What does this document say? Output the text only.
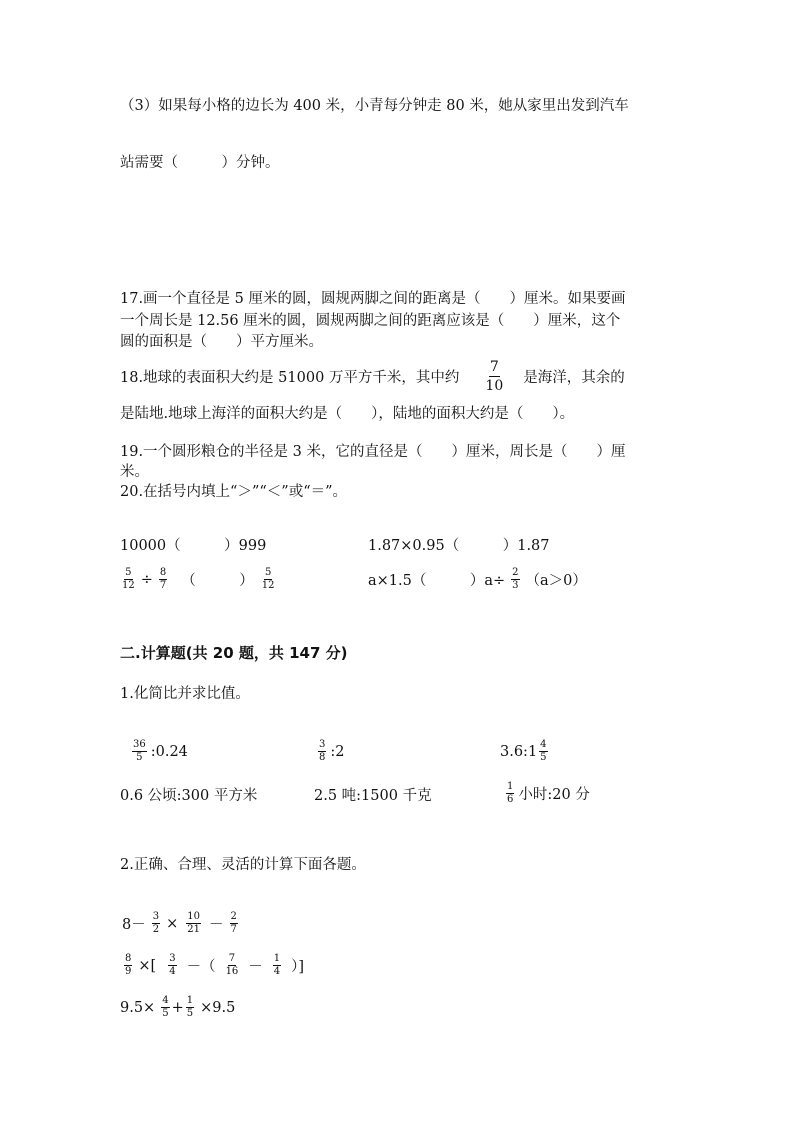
（3）如果每小格的边长为 400 米，小青每分钟走 80 米，她从家里出发到汽车
站需要（　　　）分钟。
17.画一个直径是 5 厘米的圆，圆规两脚之间的距离是（　　）厘米。如果要画
一个周长是 12.56 厘米的圆，圆规两脚之间的距离应该是（　　）厘米，这个
圆的面积是（　　）平方厘米。
18.地球的表面积大约是 51000 万平方千米，其中约 $\frac{7}{10}$ 是海洋，其余的
是陆地.地球上海洋的面积大约是（　　），陆地的面积大约是（　　）。
19.一个圆形粮仓的半径是 3 米，它的直径是（　　）厘米，周长是（　　）厘
米。
20.在括号内填上“＞”“＜”或“＝”。
10000（　　　）999	1.87×0.95（　　　）1.87
$\frac{5}{12} \div \frac{8}{7}$ （　　　） $\frac{5}{12}$	a×1.5（　　　）$a\div \frac{2}{3} (a>0)$
二.计算题(共 20 题，共 147 分)
1.化简比并求比值。
$\frac{36}{5}$ :0.24	$\frac{3}{8}$ :2	3.6:1 $\frac{4}{5}$
0.6 公顷:300 平方米	2.5 吨:1500 千克	$\frac{1}{6}$ 小时:20 分
2.正确、合理、灵活的计算下面各题。
$8- \frac{3}{2} \times \frac{10}{21} - \frac{2}{7}$
$\frac{8}{9}$ ×[ $\frac{3}{4}$ －（ $\frac{7}{16} - \frac{1}{4}$ ）]
$9.5\times \frac{4}{5} + \frac{1}{5} \times 9.5$
